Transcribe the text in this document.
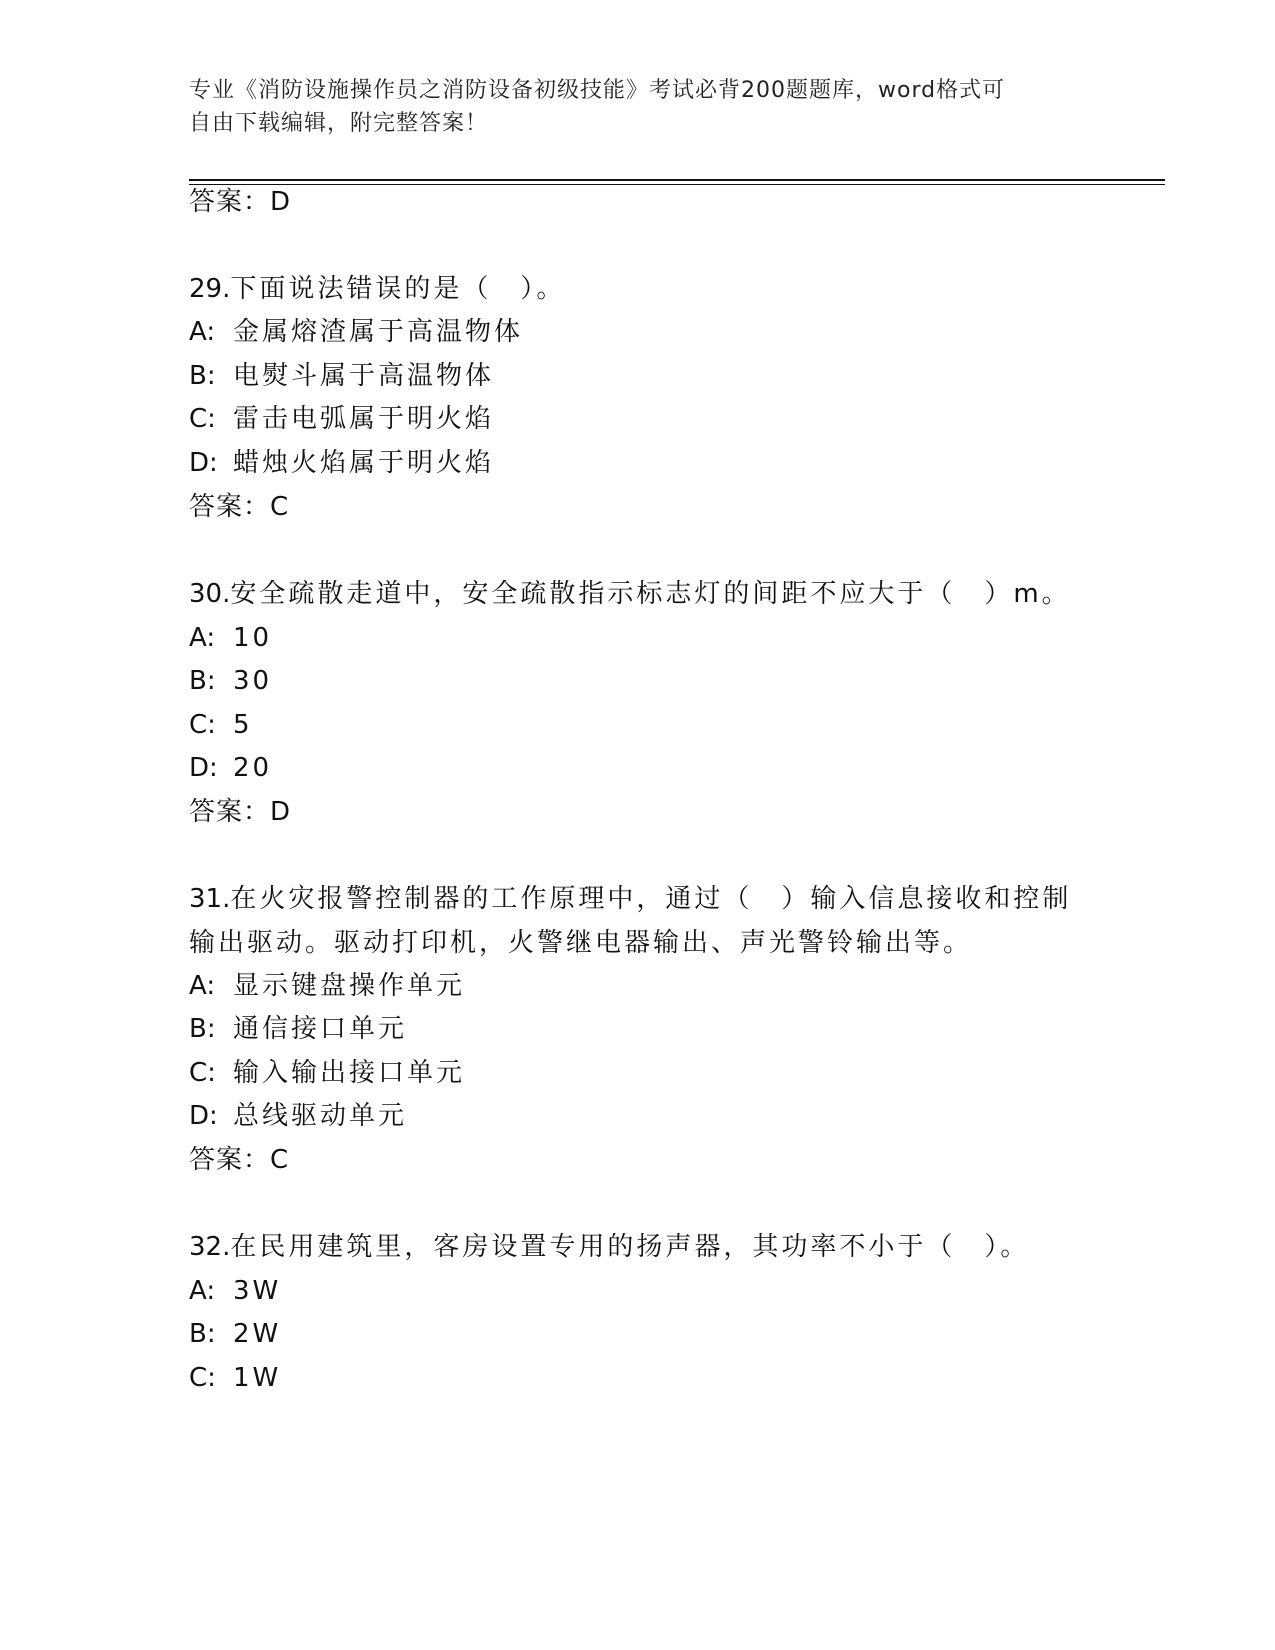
专业《消防设施操作员之消防设备初级技能》考试必背200题题库，word格式可
自由下载编辑，附完整答案！
答案：D
29.下面说法错误的是（　）。
A: 金属熔渣属于高温物体
B: 电熨斗属于高温物体
C: 雷击电弧属于明火焰
D: 蜡烛火焰属于明火焰
答案：C
30.安全疏散走道中，安全疏散指示标志灯的间距不应大于（　）m。
A: 10
B: 30
C: 5
D: 20
答案：D
31.在火灾报警控制器的工作原理中，通过（　）输入信息接收和控制
输出驱动。驱动打印机，火警继电器输出、声光警铃输出等。
A: 显示键盘操作单元
B: 通信接口单元
C: 输入输出接口单元
D: 总线驱动单元
答案：C
32.在民用建筑里，客房设置专用的扬声器，其功率不小于（　）。
A: 3W
B: 2W
C: 1W
